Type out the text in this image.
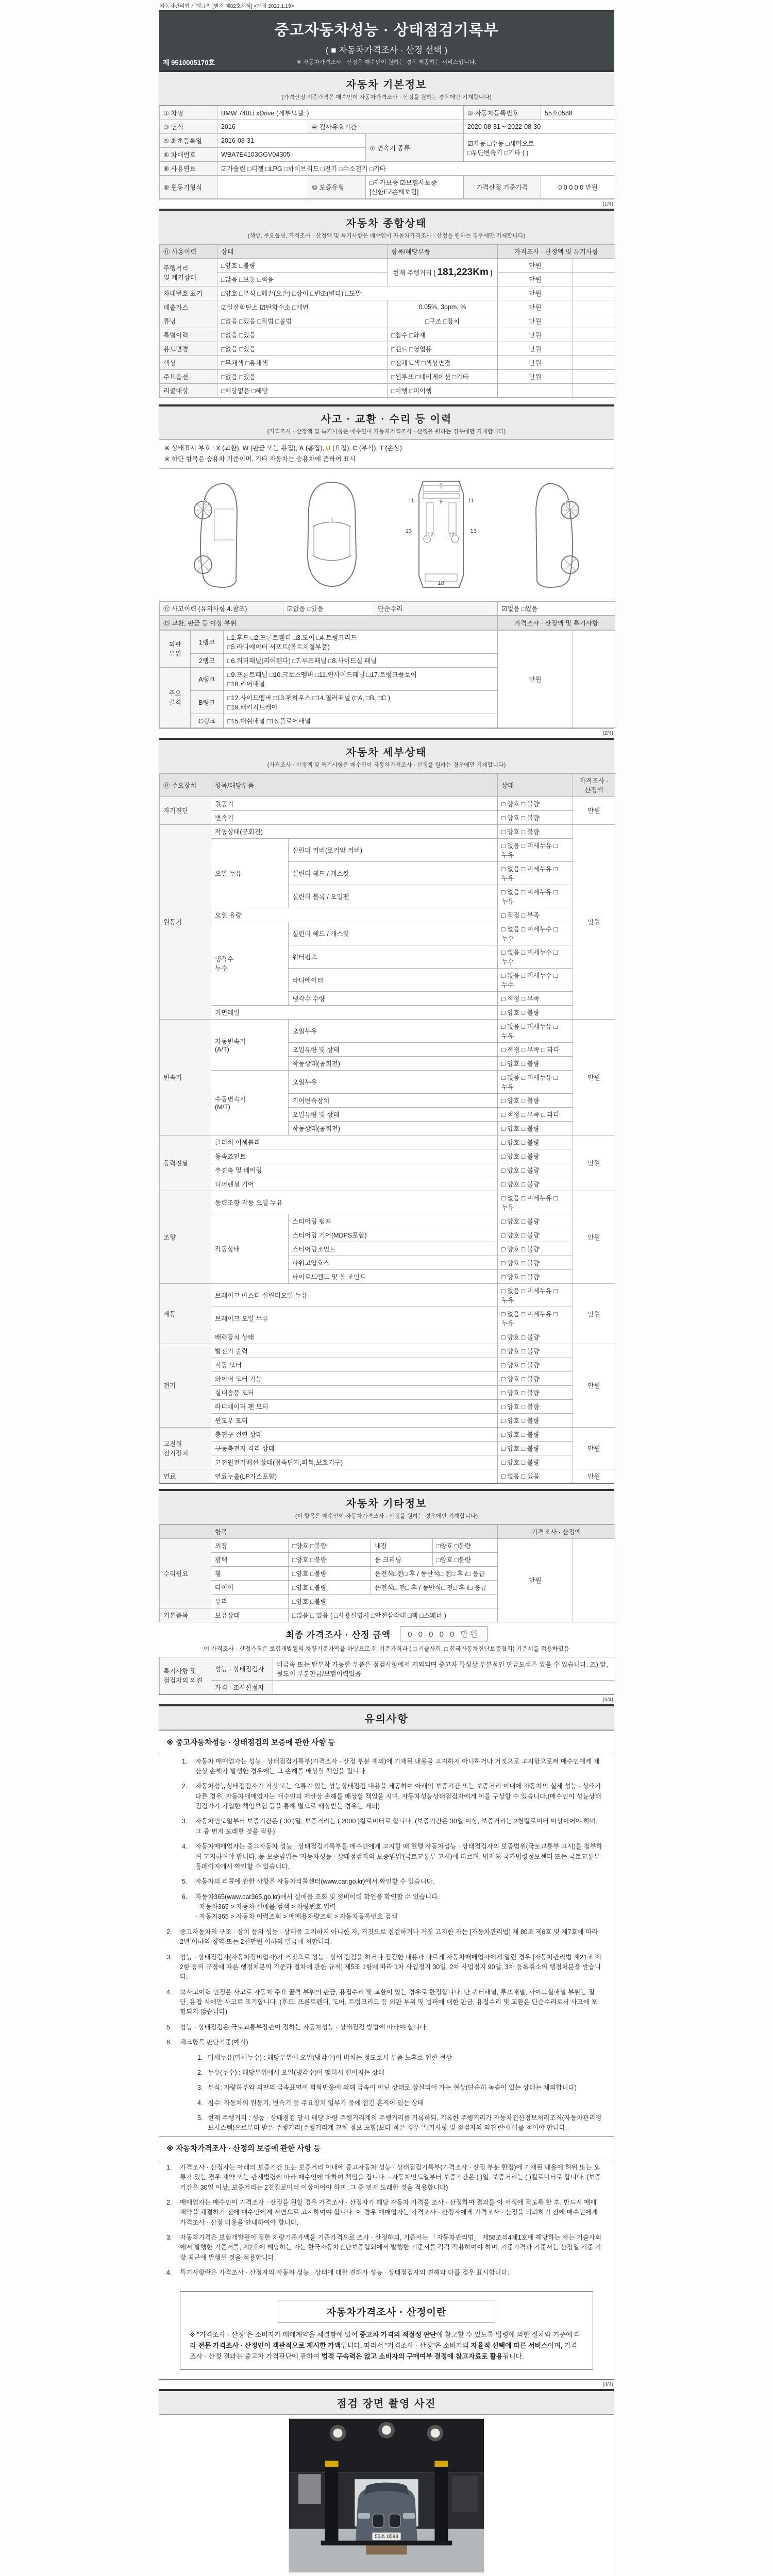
자동차관리법 시행규칙 [별지 제82호서식] <개정 2021.1.19>
중고자동차성능 · 상태점검기록부
( ■ 자동차가격조사 · 산정 선택 )
※ 자동차가격조사 · 산정은 매수인이 원하는 경우 제공하는 서비스입니다.
제 9510005170호
자동차 기본정보
(가격산정 기준가격은 매수인이 자동차가격조사 · 산정을 원하는 경우에만 기재합니다)
① 차명	BMW 740Li xDrive (세부모델: )			② 자동차등록번호	55소0588
③ 연식	2016	④ 검사유효기간		2020-08-31 ~ 2022-08-30	
⑤ 최초등록일	2016-08-31		⑦ 변속기 종류	☑자동 □수동 □세미오토
□무단변속기 □기타 ( )	
⑥ 차대번호	WBA7E4103GGV04305				
⑧ 사용연료	☑가솔린 □디젤 □LPG □하이브리드 □전기 □수소전기 □기타				
⑨ 원동기형식		⑩ 보증유형	□자가보증 ☑보험사보증 [신한EZ손해보험]	가격산정 기준가격	0 0 0 0 0 만원
(1/4)
자동차 종합상태
(색상, 주요옵션, 가격조사 · 산정액 및 특기사항은 매수인이 자동차가격조사 · 산정을 원하는 경우에만 기재합니다)
⑪ 사용이력	상태	항목/해당부품	가격조사 · 산정액 및 특기사항	
주행거리
및 계기상태	□양호 □불량	현재 주행거리 [ 181,223Km ]	만원	
	□많음 □보통 □적음		만원	
차대번호 표기	□양호 □부식 □훼손(오손) □상이 □변조(변타) □도말		만원	
배출가스	☑일산화탄소 ☑탄화수소 □매연	0.05%, 3ppm, %	만원	
튜닝	□없음 □있음 □적법 □불법	□구조 □장치	만원	
특별이력	□없음 □있음	□침수 □화재	만원	
용도변경	□없음 □있음	□렌트 □영업용	만원	
색상	□무채색 □유채색	□전체도색 □색상변경	만원	
주요옵션	□없음 □있음	□썬루프 □네비게이션 □기타	만원	
리콜대상	□해당없음 □해당	□이행 □미이행		
사고 · 교환 · 수리 등 이력
(가격조사 · 산정액 및 특기사항은 매수인이 자동차가격조사 · 산정을 원하는 경우에만 기재합니다)
※ 상태표시 부호 : X (교환), W (판금 또는 용접), A (흠집), U (요철), C (부식), T (손상)
※ 하단 항목은 승용차 기준이며, 기타 자동차는 승용차에 준하여 표시
2
1
5
11	11
9
13
12	12
13
18
2
⑫ 사고이력 (유의사항 4.참조)	☑없음 □있음	단순수리	☑없음 □있음
⑬ 교환, 판금 등 이상 부위	가격조사 · 산정액 및 특기사항
외판
부위	1랭크	□1.후드 □2.프론트휀더 □3.도어 □4.트렁크리드
□5.라디에이터 서포트(볼트체결부품)	만원	
	2랭크	□6.쿼터패널(리어휀다) □7.루프패널 □8.사이드실 패널		
주요
골격	A랭크	□9.프론트패널 □10.크로스멤버 □11.인사이드패널 □17.트렁크플로어
□18.리어패널		
	B랭크	□12.사이드멤버 □13.휠하우스 □14.필러패널 (□A, □B, □C )
□19.패키지트레이		
	C랭크	□15.대쉬패널 □16.플로어패널		
(2/4)
자동차 세부상태
(가격조사 · 산정액 및 특기사항은 매수인이 자동차가격조사 · 산정을 원하는 경우에만 기재합니다)
⑭ 주요장치	항목/해당부품		상태	가격조사 · 산정액	
자기진단	원동기		□ 양호 □ 불량	만원	
	변속기		□ 양호 □ 불량		
원동기	작동상태(공회전)		□ 양호 □ 불량	만원	
	오일 누유	실린더 커버(로커암 커버)	□ 없음 □ 미세누유 □ 누유		
		실린더 헤드 / 개스킷	□ 없음 □ 미세누유 □ 누유		
		실린더 블록 / 오일팬	□ 없음 □ 미세누유 □ 누유		
	오일 유량		□ 적정 □ 부족		
	냉각수
누수	실린더 헤드 / 개스킷	□ 없음 □ 미세누수 □ 누수		
		워터펌프	□ 없음 □ 미세누수 □ 누수		
		라디에이터	□ 없음 □ 미세누수 □ 누수		
		냉각수 수량	□ 적정 □ 부족		
	커먼레일		□ 양호 □ 불량		
변속기	자동변속기
(A/T)	오일누유	□ 없음 □ 미세누유 □ 누유	만원	
		오일유량 및 상태	□ 적정 □ 부족 □ 과다		
		작동상태(공회전)	□ 양호 □ 불량		
	수동변속기
(M/T)	오일누유	□ 없음 □ 미세누유 □ 누유		
		기어변속장치	□ 양호 □ 불량		
		오일유량 및 상태	□ 적정 □ 부족 □ 과다		
		작동상태(공회전)	□ 양호 □ 불량		
동력전달	클러치 어셈블리		□ 양호 □ 불량	만원	
	등속죠인트		□ 양호 □ 불량		
	추진축 및 베어링		□ 양호 □ 불량		
	디퍼렌셜 기어		□ 양호 □ 불량		
조향	동력조향 작동 오일 누유		□ 없음 □ 미세누유 □ 누유	만원	
	작동상태	스티어링 펌프	□ 양호 □ 불량		
		스티어링 기어(MDPS포함)	□ 양호 □ 불량		
		스티어링조인트	□ 양호 □ 불량		
		파워고압호스	□ 양호 □ 불량		
		타이로드엔드 및 볼 조인트	□ 양호 □ 불량		
제동	브레이크 마스터 실린더오일 누유		□ 없음 □ 미세누유 □ 누유	만원	
	브레이크 오일 누유		□ 없음 □ 미세누유 □ 누유		
	배력장치 상태		□ 양호 □ 불량		
전기	발전기 출력		□ 양호 □ 불량	만원	
	시동 모터		□ 양호 □ 불량		
	와이퍼 모터 기능		□ 양호 □ 불량		
	실내송풍 모터		□ 양호 □ 불량		
	라디에이터 팬 모터		□ 양호 □ 불량		
	윈도우 모터		□ 양호 □ 불량		
고전원
전기장치	충전구 절연 상태		□ 양호 □ 불량	만원	
	구동축전지 격리 상태		□ 양호 □ 불량		
	고전원전기배선 상태(접속단자,피복,보호기구)		□ 양호 □ 불량		
연료	연료누출(LP가스포함)		□ 없음 □ 있음	만원	
자동차 기타정보
(이 항목은 매수인이 자동차가격조사 · 산정을 원하는 경우에만 기재합니다)
	항목				가격조사 · 산정액	
수리필요	외장	□양호 □불량	내장	□양호 □불량	만원	
	광택	□양호 □불량	룸 크리닝	□양호 □불량		
	휠	□양호 □불량	운전석□전□ 후 / 동반석□ 전□ 후 /□ 응급			
	타이어	□양호 □불량	운전석□ 전□ 후 / 동반석□ 전□ 후 /□ 응급			
	유리	□양호 □불량				
기본품목	보유상태	□없음 □ 있음 ( □사용설명서 □안전삼각대 □잭 □스패너 )				
최종 가격조사 · 산정 금액	0 0 0 0 0 만원
이 가격조사 · 산정가격은 보험개발원의 차량기준가액을 바탕으로 한 기준가격과 ( □ 기술사회, □ 한국자동차진단보증협회) 기준서를 적용하였음
특기사항 및
점검자의 의견	성능 · 상태점검자	비금속 또는 탈부착 가능한 부품은 점검사항에서 제외되며 중고차 특성상 부분적인 판금도색은 있을 수 있습니다. 조) 앞,뒷도어 부분판금/보험이력있음
	가격 · 조사산정자	
(3/4)
유의사항
※ 중고자동차성능 · 상태점검의 보증에 관한 사항 등
1.	자동차 매매업자는 성능 · 상태점검기록부(가격조사 · 산정 부분 제외)에 기재된 내용을 고지하지 아니하거나 거짓으로 고지함으로써 매수인에게 재산상 손해가 발생한 경우에는 그 손해를 배상할 책임을 집니다.
2.	자동차성능상태점검자가 거짓 또는 오류가 있는 성능상태점검 내용을 제공하여 아래의 보증기간 또는 보증거리 이내에 자동차의 실제 성능 · 상태가 다른 경우, 자동차매매업자는 매수인의 재산상 손해를 배상할 책임을 지며, 자동차성능상태점검자에게 이를 구상할 수 있습니다.(매수인이 성능상태점검자가 가입한 책임보험 등을 통해 별도로 배상받는 경우는 제외)
3.	자동차인도일부터 보증기간은 ( 30 )일, 보증거리는 ( 2000 )킬로미터로 합니다. (보증기간은 30일 이상, 보증거리는 2천킬로미터 이상이어야 하며, 그 중 먼저 도래한 것을 적용)
4.	자동차매매업자는 중고자동차 성능 · 상태점검기록부를 매수인에게 고지할 때 현행 자동차성능 · 상태점검자의 보증범위(국토교통부 고시)를 첨부하여 고지하여야 합니다. 동 보증범위는 '자동차성능 · 상태점검자의 보증범위'(국토교통부 고시)에 따르며, 법제처 국가법령정보센터 또는 국토교통부 홈페이지에서 확인할 수 있습니다.
5.	자동차의 리콜에 관한 사항은 자동차리콜센터(www.car.go.kr)에서 확인할 수 있습니다.
6.	자동차365(www.car365.go.kr)에서 실매물 조회 및 정비이력 확인을 확인할 수 있습니다.
- 자동차365 > 자동차 실매물 검색 > 차량번호 입력
- 자동차365 > 자동차 이력조회 > 매매용차량조회 > 자동차등록번호 검색
2.	중고자동차의 구조 · 장치 등의 성능 · 상태를 고지하지 아니한 자, 거짓으로 점검하거나 거짓 고지한 자는 [자동차관리법] 제 80조 제6호 및 제7호에 따라 2년 이하의 징역 또는 2천만원 이하의 벌금에 처합니다.
3.	성능 · 상태점검자(자동차정비업자)가 거짓으로 성능 · 상태 점검을 하거나 점검한 내용과 다르게 자동차매매업자에게 알린 경우 [자동차관리법 제21조 제2항 등의 규정에 따른 행정처분의 기준과 절차에 관한 규칙] 제5조 1항에 따라 1차 사업정지 30일, 2차 사업정지 90일, 3차 등록취소의 행정처분을 받습니다.
4.	⑫사고이력 인정은 사고로 자동차 주요 골격 부위의 판금, 용접수리 및 교환이 있는 경우로 한정합니다. 단 쿼터패널, 루프패널, 사이드실패널 부위는 절단, 용접 시에만 사고로 표기합니다. (후드, 프론트펜더, 도어, 트렁크리드 등 외판 부위 및 범퍼에 대한 판금, 용접수리 및 교환은 단순수리로서 사고에 포함되지 않습니다)
5.	성능 · 상태점검은 국토교통부장관이 정하는 자동차성능 · 상태점검 방법에 따라야 합니다.
6.	체크항목 판단기준(예시)
1. 미세누유(미세누수) : 해당부위에 오일(냉각수)이 비치는 정도로서 부품 노후로 인한 현상
2. 누유(누수) : 해당부위에서 오일(냉각수)이 맺혀서 떨어지는 상태
3. 부식: 차량하부와 외판의 금속표면이 화학반응에 의해 금속이 아닌 상태로 상실되어 가는 현상(단순히 녹슬어 있는 상태는 제외합니다)
4. 침수: 자동차의 원동기, 변속기 등 주요장치 일부가 물에 잠긴 흔적이 있는 상태
5. 현재 주행거리 : 성능 · 상태점검 당시 해당 차량 주행거리계의 주행거리를 기록하되, 기록한 주행거리가 자동차전산정보처리조직(자동차관리정보시스템)으로부터 받은 주행거리(주행거리계 교체 정보 포함)보다 적은 경우 '특기사항 및 점검자의 의견'란에 이를 적어야 합니다.
※ 자동차가격조사 · 산정의 보증에 관한 사항 등
1.	가격조사 · 산정자는 아래의 보증기간 또는 보증거리 이내에 중고자동차 성능 · 상태점검기록부(가격조사 · 산정 부분 한정)에 기재된 내용에 허위 또는 오류가 있는 경우 계약 또는 관계법령에 따라 매수인에 대하여 책임을 집니다. · 자동차인도일부터 보증기간은 ( )일, 보증거리는 ( )킬로미터로 합니다. (보증기간은 30일 이상, 보증거리는 2천킬로미터 이상이어야 하며, 그 중 먼저 도래한 것을 적용합니다)
2.	매매업자는 매수인이 가격조사 · 산정을 원할 경우 가격조사 · 산정자가 해당 자동차 가격을 조사 · 산정하여 결과를 이 서식에 적도록 한 후, 반드시 매매계약을 체결하기 전에 매수인에게 서면으로 고지하여야 합니다. 이 경우 매매업자는 가격조사 · 산정자에게 가격조사 · 산정을 의뢰하기 전에 매수인에게 가격조사 · 산정 비용을 안내하여야 합니다.
3.	자동차가격은 보험개발원이 정한 차량기준가액을 기준가격으로 조사 · 산정하되, 기준서는 「자동차관리법」 제58조의4제1호에 해당하는 자는 기술사회에서 발행한 기준서를, 제2호에 해당하는 자는 한국자동차진단보증협회에서 발행한 기준서를 각각 적용하여야 하며, 기준가격과 기준서는 산정일 기준 가장 최근에 발행된 것을 적용합니다.
4.	특기사항란은 가격조사 · 산정자의 자동차 성능 · 상태에 대한 견해가 성능 · 상태점검자의 견해와 다를 경우 표시합니다.
자동차가격조사 · 산정이란
※ "가격조사 · 산정"은 소비자가 매매계약을 체결함에 있어 중고차 가격의 적절성 판단에 참고할 수 있도록 법령에 의한 절차와 기준에 따라 전문 가격조사 · 산정인이 객관적으로 제시한 가액입니다. 따라서 "가격조사 · 산정"은 소비자의 자율적 선택에 따른 서비스이며, 가격조사 · 산정 결과는 중고차 가격판단에 관하여 법적 구속력은 없고 소비자의 구매여부 결정에 참고자료로 활용됩니다.
(4/4)
점검 장면 촬영 사진
55소 0588
